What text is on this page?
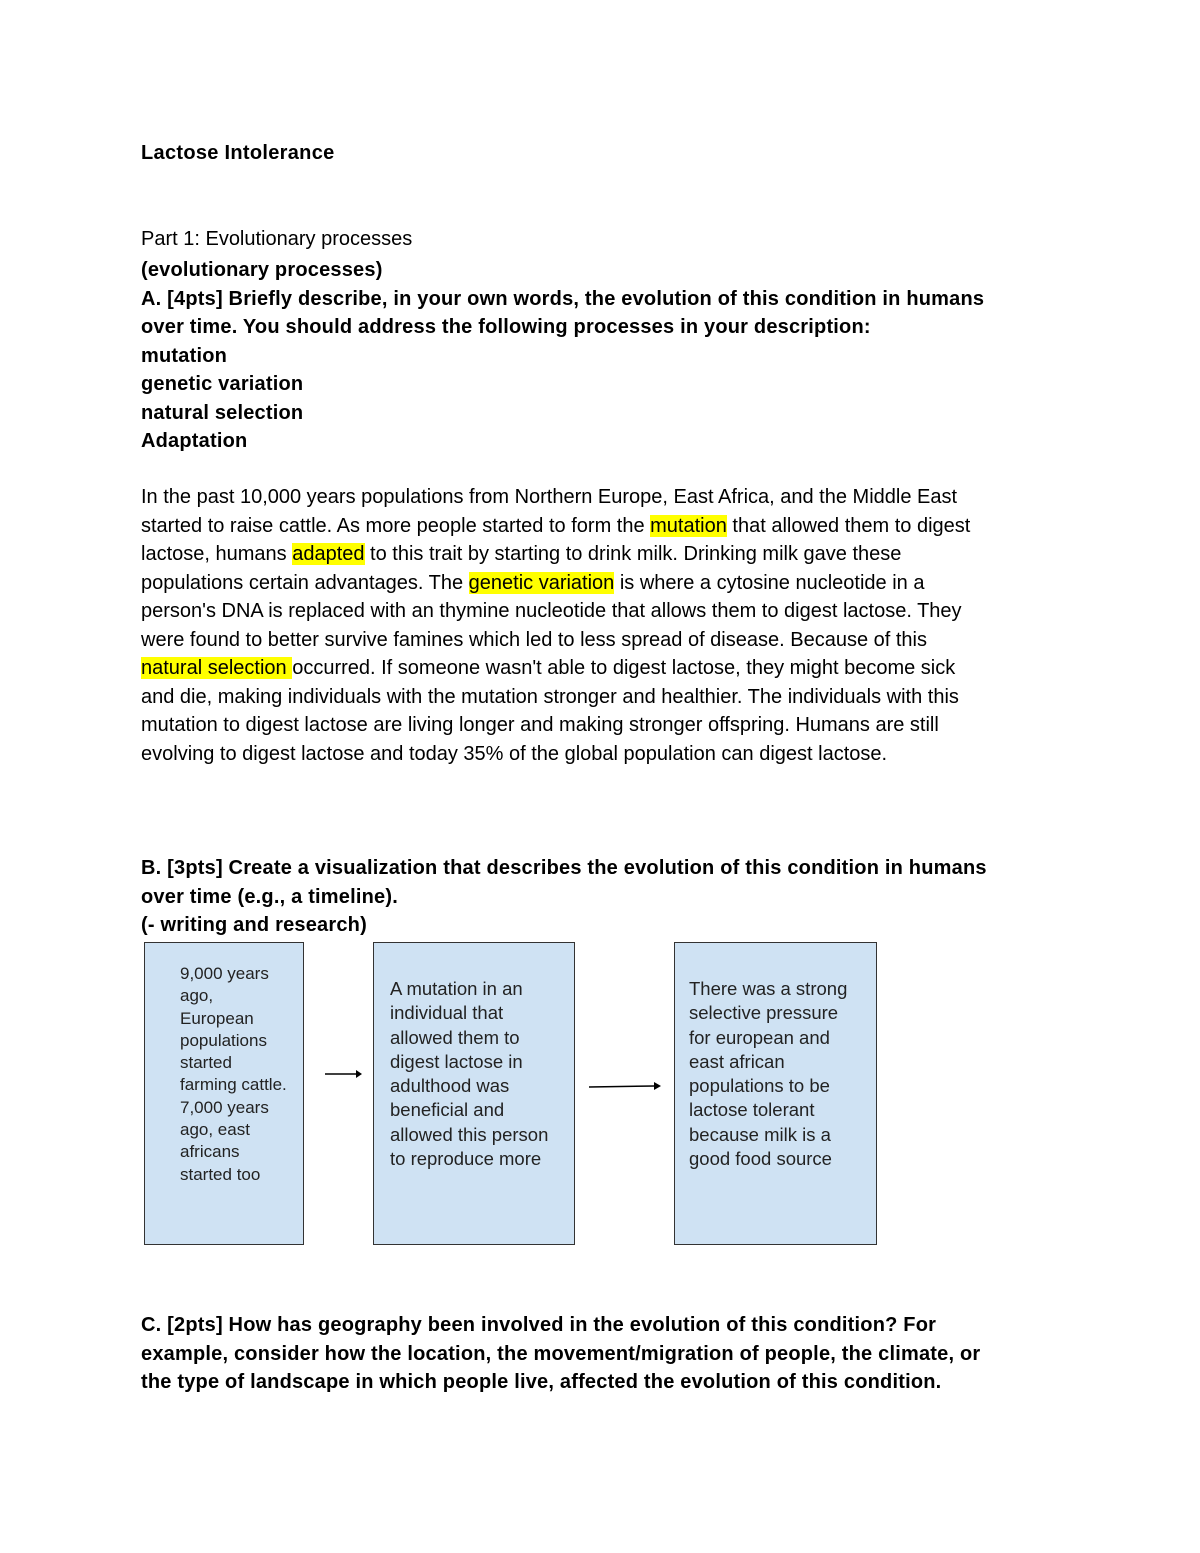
Lactose Intolerance
Part 1: Evolutionary processes
(evolutionary processes)
A. [4pts] Briefly describe, in your own words, the evolution of this condition in humans
over time. You should address the following processes in your description:
mutation
genetic variation
natural selection
Adaptation
In the past 10,000 years populations from Northern Europe, East Africa, and the Middle East
started to raise cattle. As more people started to form the mutation that allowed them to digest
lactose, humans adapted to this trait by starting to drink milk. Drinking milk gave these
populations certain advantages. The genetic variation is where a cytosine nucleotide in a
person's DNA is replaced with an thymine nucleotide that allows them to digest lactose. They
were found to better survive famines which led to less spread of disease. Because of this
natural selection occurred. If someone wasn't able to digest lactose, they might become sick
and die, making individuals with the mutation stronger and healthier. The individuals with this
mutation to digest lactose are living longer and making stronger offspring. Humans are still
evolving to digest lactose and today 35% of the global population can digest lactose.
B. [3pts] Create a visualization that describes the evolution of this condition in humans
over time (e.g., a timeline).
(- writing and research)
9,000 years
ago,
European
populations
started
farming cattle.
7,000 years
ago, east
africans
started too
A mutation in an
individual that
allowed them to
digest lactose in
adulthood was
beneficial and
allowed this person
to reproduce more
There was a strong
selective pressure
for european and
east african
populations to be
lactose tolerant
because milk is a
good food source
C. [2pts] How has geography been involved in the evolution of this condition? For
example, consider how the location, the movement/migration of people, the climate, or
the type of landscape in which people live, affected the evolution of this condition.
